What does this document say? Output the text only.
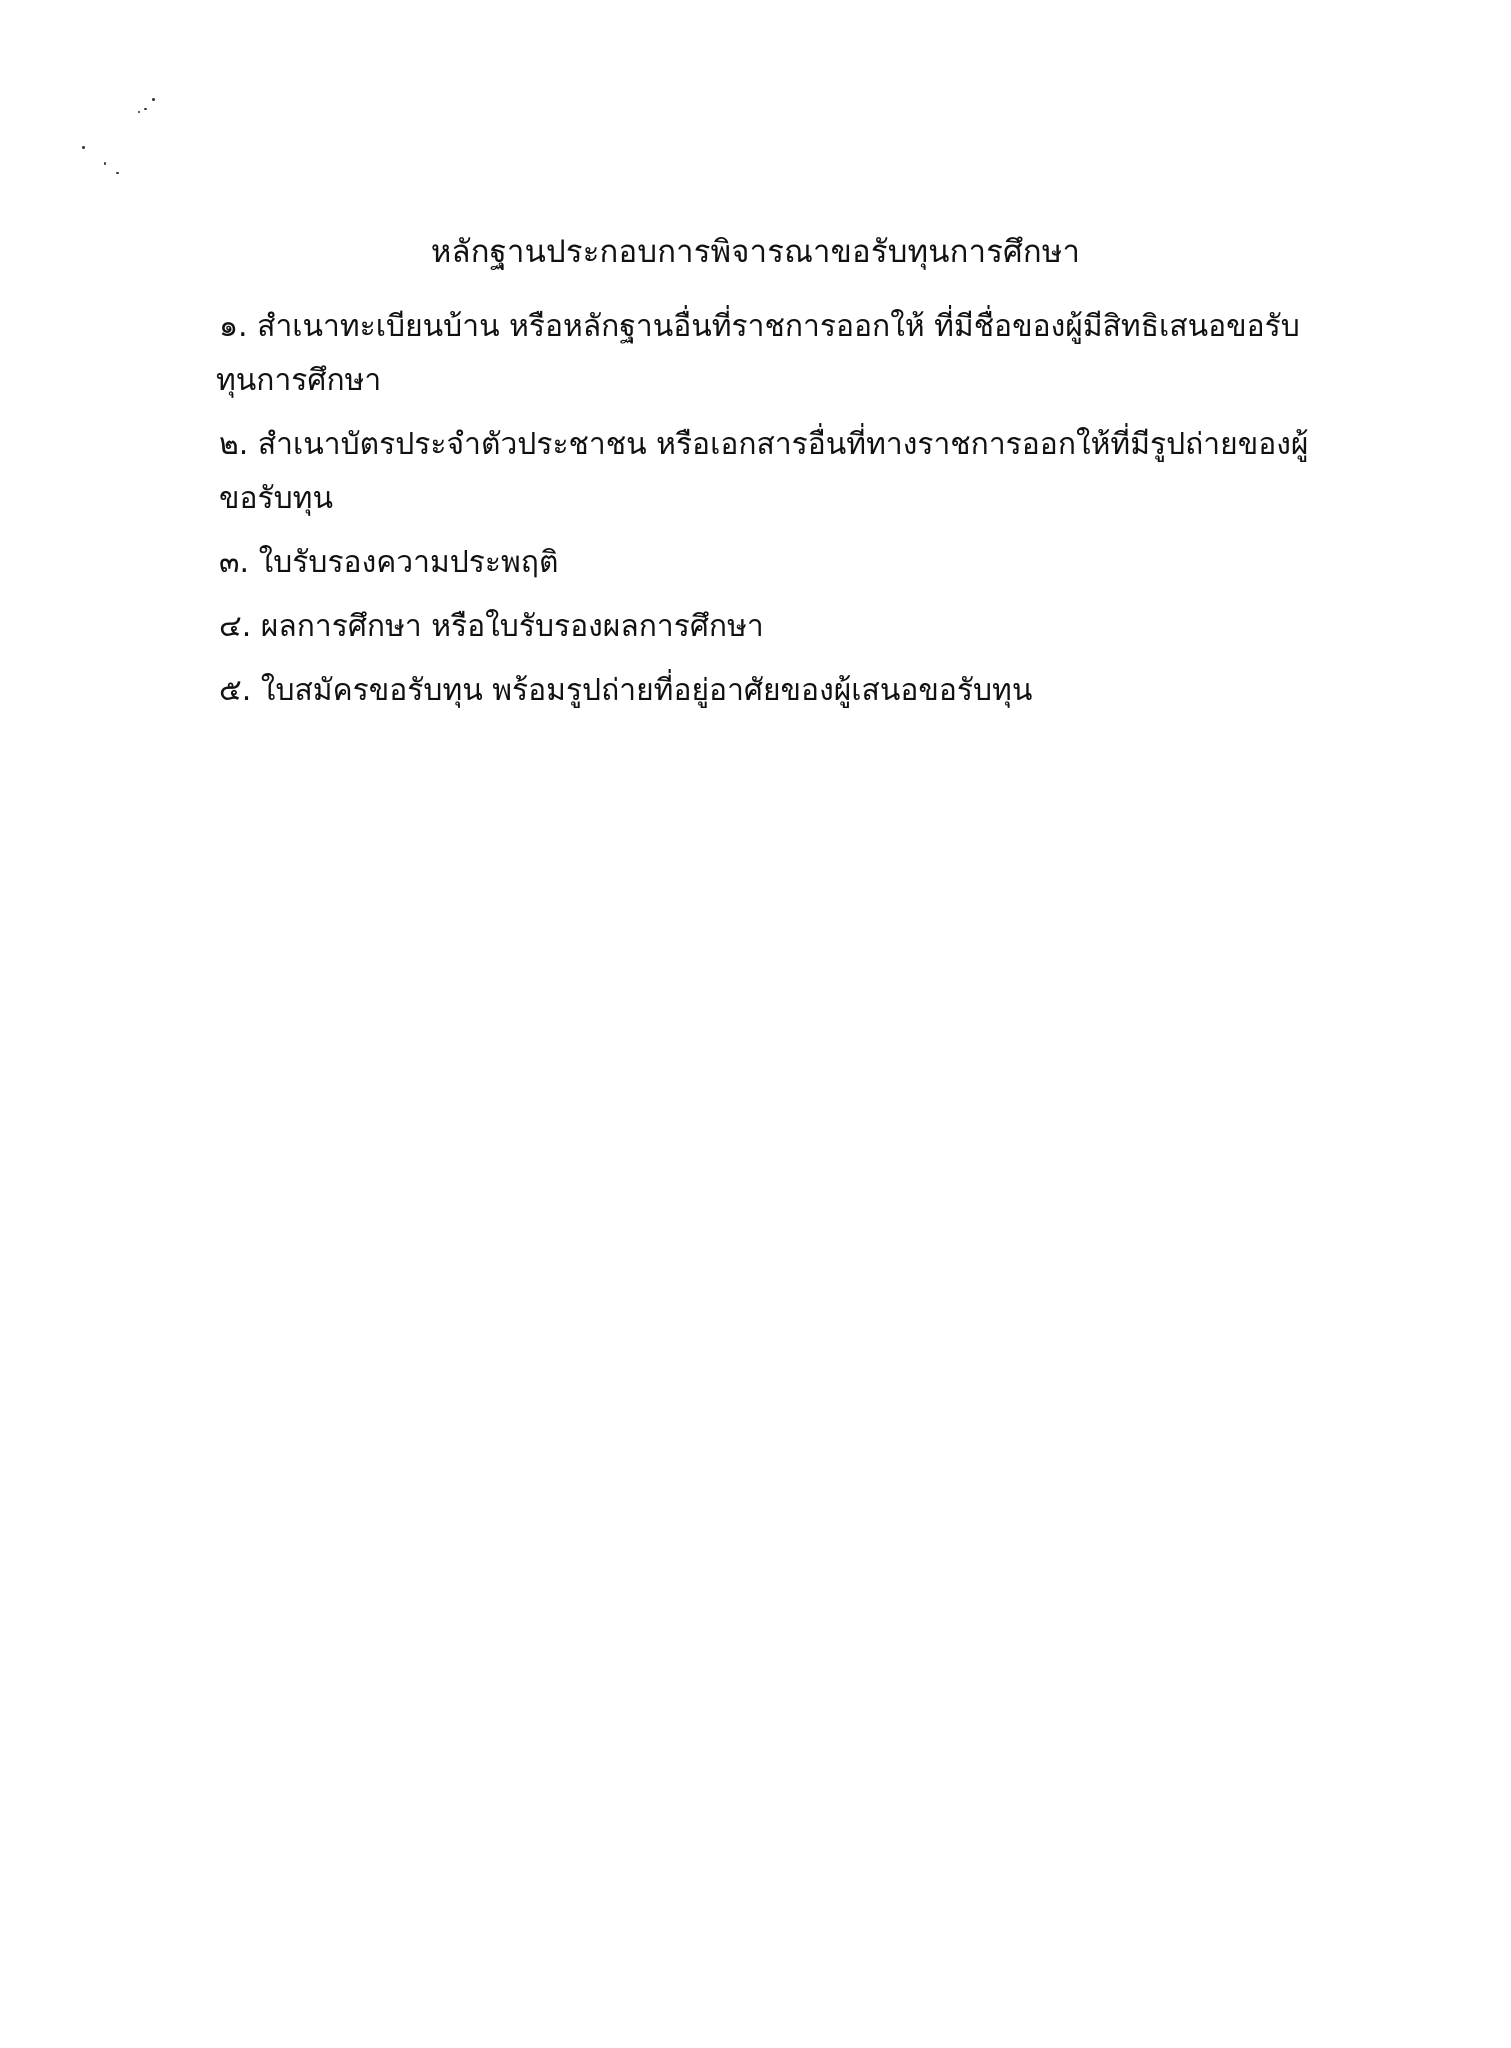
หลักฐานประกอบการพิจารณาขอรับทุนการศึกษา
๑. สำเนาทะเบียนบ้าน หรือหลักฐานอื่นที่ราชการออกให้ ที่มีชื่อของผู้มีสิทธิเสนอขอรับ
ทุนการศึกษา
๒. สำเนาบัตรประจำตัวประชาชน หรือเอกสารอื่นที่ทางราชการออกให้ที่มีรูปถ่ายของผู้ขอรับทุน
๓. ใบรับรองความประพฤติ
๔. ผลการศึกษา หรือใบรับรองผลการศึกษา
๕. ใบสมัครขอรับทุน พร้อมรูปถ่ายที่อยู่อาศัยของผู้เสนอขอรับทุน
